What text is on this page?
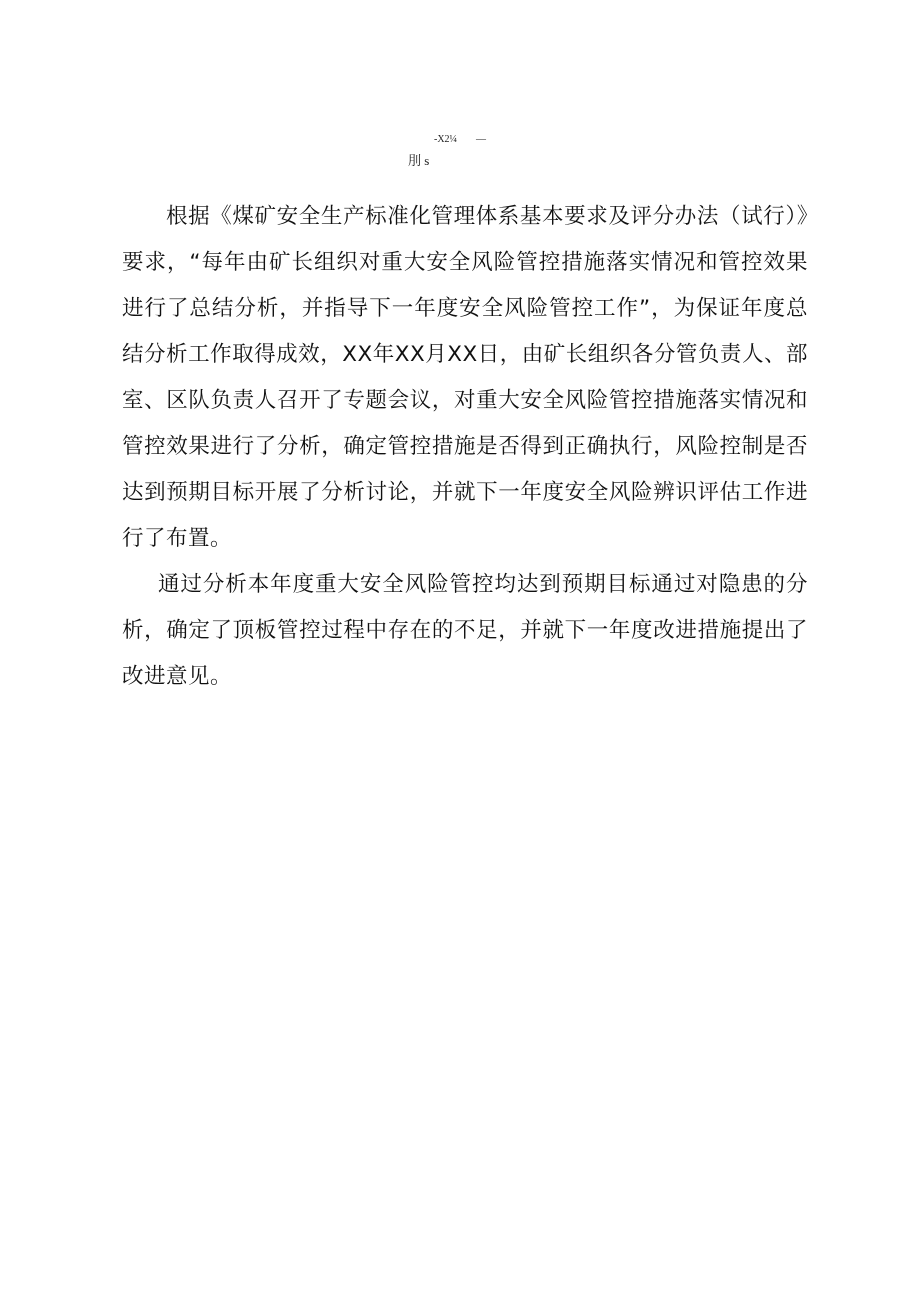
-X2¼ —
刖 s

根据《煤矿安全生产标准化管理体系基本要求及评分办法（试行）》要求，“每年由矿长组织对重大安全风险管控措施落实情况和管控效果进行了总结分析，并指导下一年度安全风险管控工作”，为保证年度总结分析工作取得成效，XX年XX月XX日，由矿长组织各分管负责人、部室、区队负责人召开了专题会议，对重大安全风险管控措施落实情况和管控效果进行了分析，确定管控措施是否得到正确执行，风险控制是否达到预期目标开展了分析讨论，并就下一年度安全风险辨识评估工作进行了布置。

通过分析本年度重大安全风险管控均达到预期目标通过对隐患的分析，确定了顶板管控过程中存在的不足，并就下一年度改进措施提出了改进意见。
